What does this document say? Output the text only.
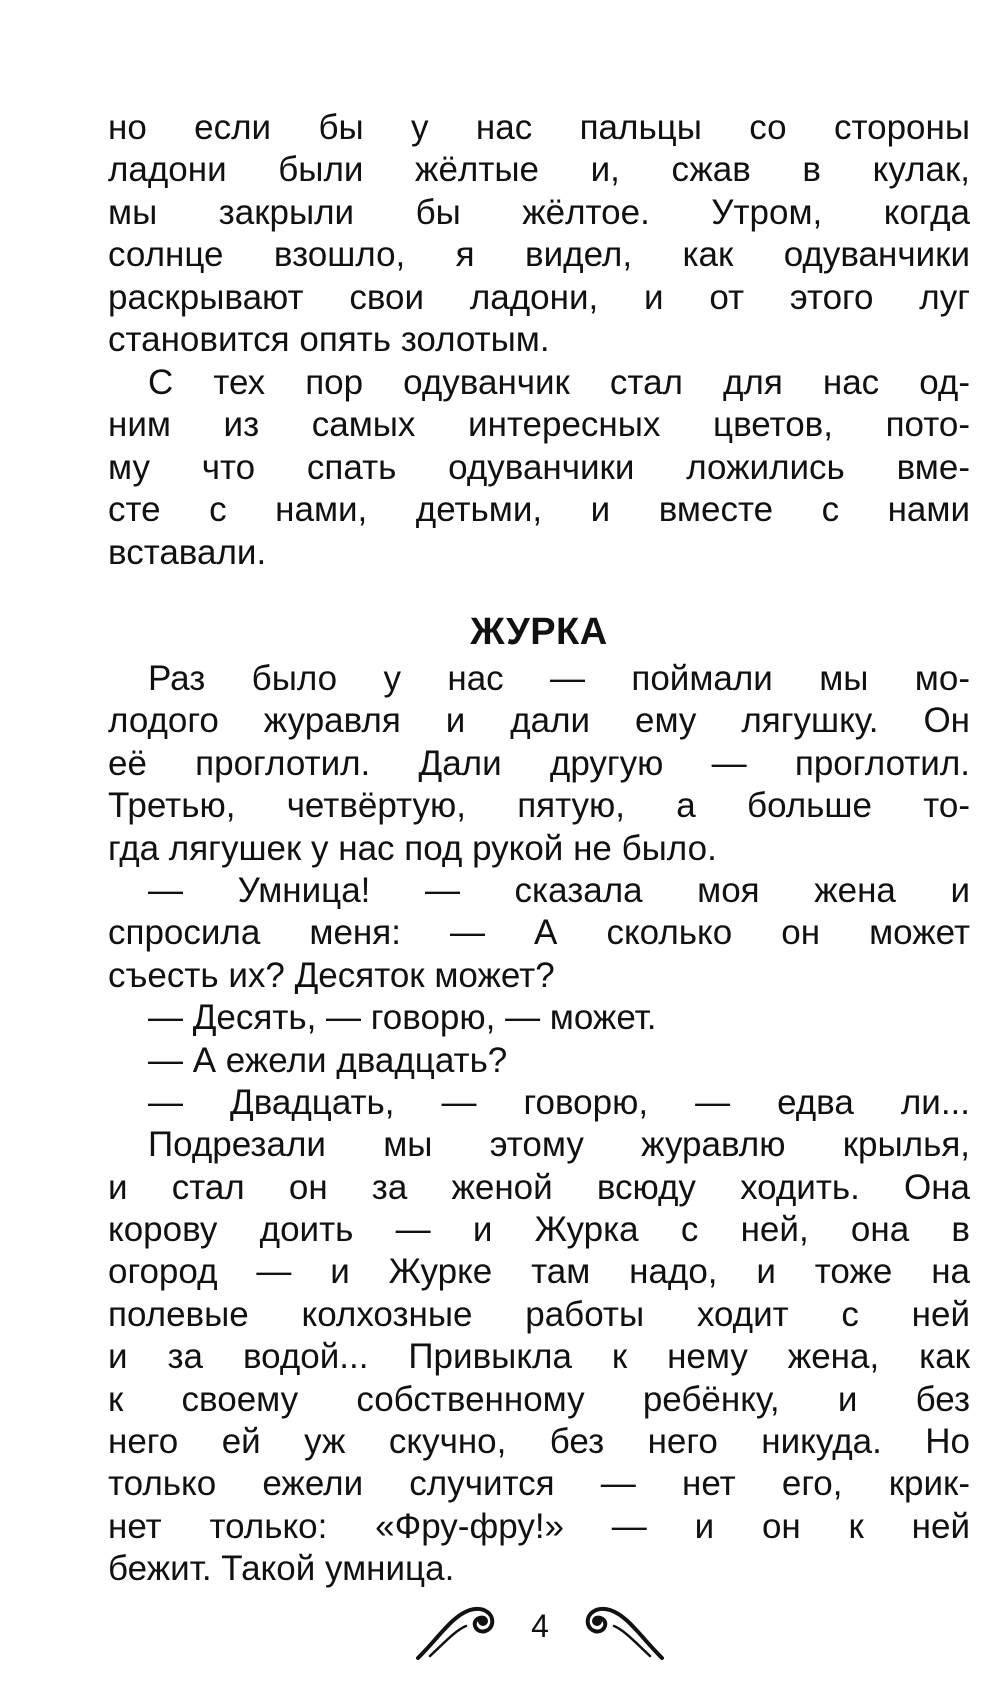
но если бы у нас пальцы со стороны
ладони были жёлтые и, сжав в кулак,
мы закрыли бы жёлтое. Утром, когда
солнце взошло, я видел, как одуванчики
раскрывают свои ладони, и от этого луг
становится опять золотым.
С тех пор одуванчик стал для нас од-
ним из самых интересных цветов, пото-
му что спать одуванчики ложились вме-
сте с нами, детьми, и вместе с нами
вставали.
ЖУРКА
Раз было у нас — поймали мы мо-
лодого журавля и дали ему лягушку. Он
её проглотил. Дали другую — проглотил.
Третью, четвёртую, пятую, а больше то-
гда лягушек у нас под рукой не было.
— Умница! — сказала моя жена и
спросила меня: — А сколько он может
съесть их? Десяток может?
— Десять, — говорю, — может.
— А ежели двадцать?
— Двадцать, — говорю, — едва ли...
Подрезали мы этому журавлю крылья,
и стал он за женой всюду ходить. Она
корову доить — и Журка с ней, она в
огород — и Журке там надо, и тоже на
полевые колхозные работы ходит с ней
и за водой... Привыкла к нему жена, как
к своему собственному ребёнку, и без
него ей уж скучно, без него никуда. Но
только ежели случится — нет его, крик-
нет только: «Фру-фру!» — и он к ней
бежит. Такой умница.
4
